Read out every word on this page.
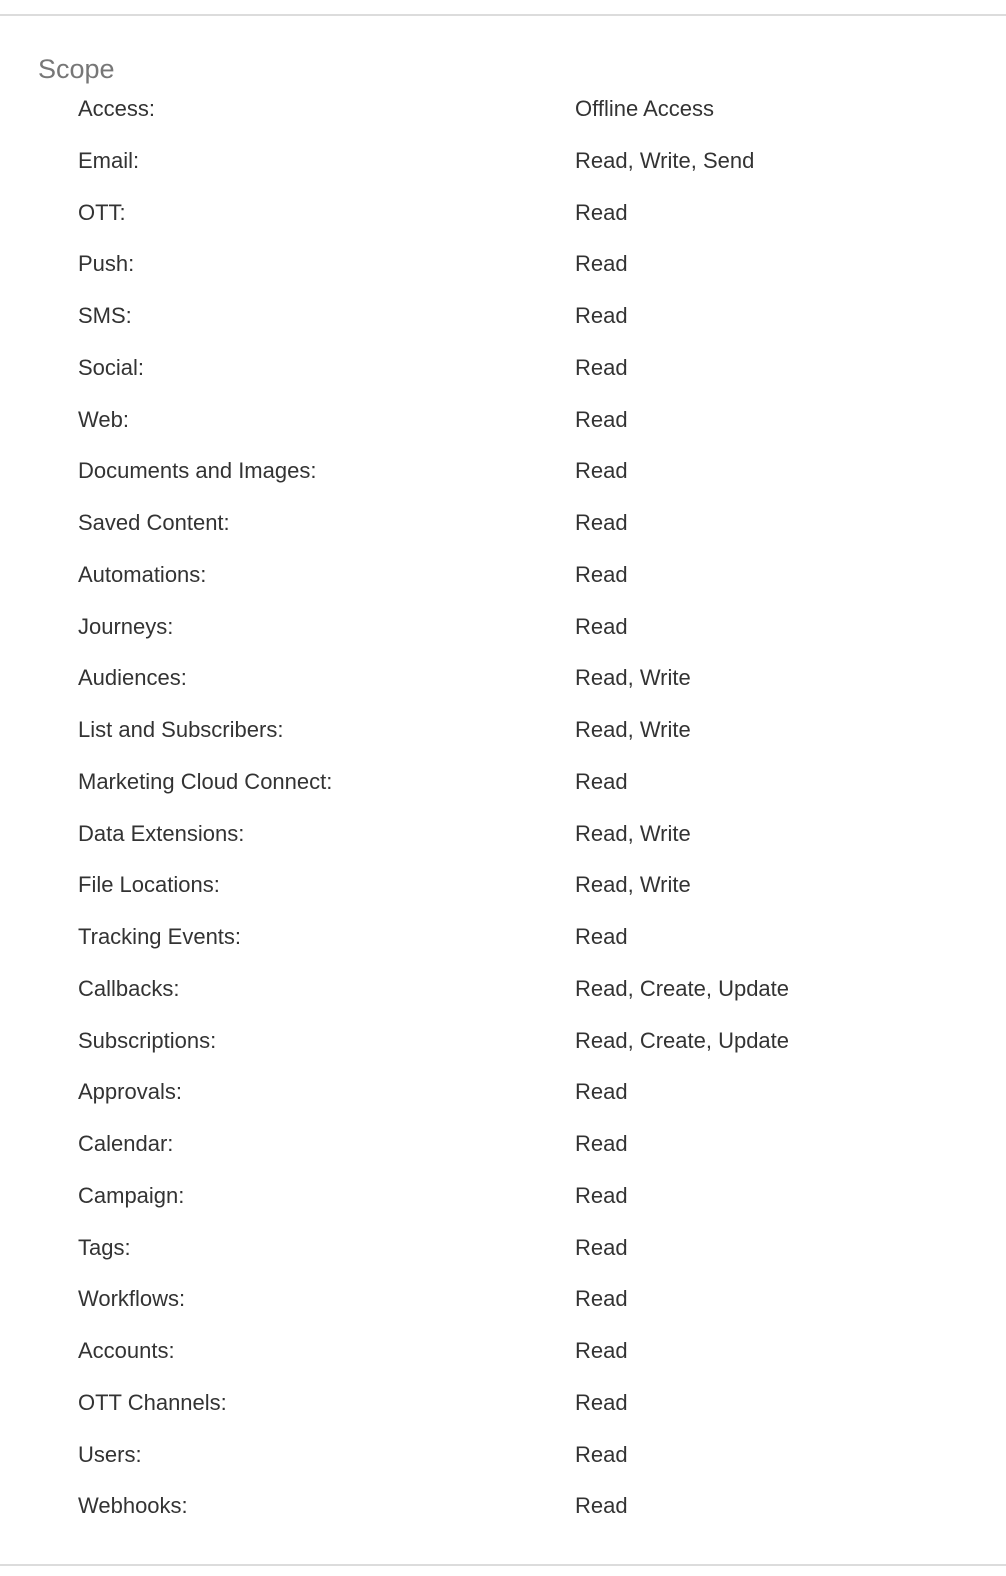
Scope
Access:	Offline Access
Email:	Read, Write, Send
OTT:	Read
Push:	Read
SMS:	Read
Social:	Read
Web:	Read
Documents and Images:	Read
Saved Content:	Read
Automations:	Read
Journeys:	Read
Audiences:	Read, Write
List and Subscribers:	Read, Write
Marketing Cloud Connect:	Read
Data Extensions:	Read, Write
File Locations:	Read, Write
Tracking Events:	Read
Callbacks:	Read, Create, Update
Subscriptions:	Read, Create, Update
Approvals:	Read
Calendar:	Read
Campaign:	Read
Tags:	Read
Workflows:	Read
Accounts:	Read
OTT Channels:	Read
Users:	Read
Webhooks:	Read
